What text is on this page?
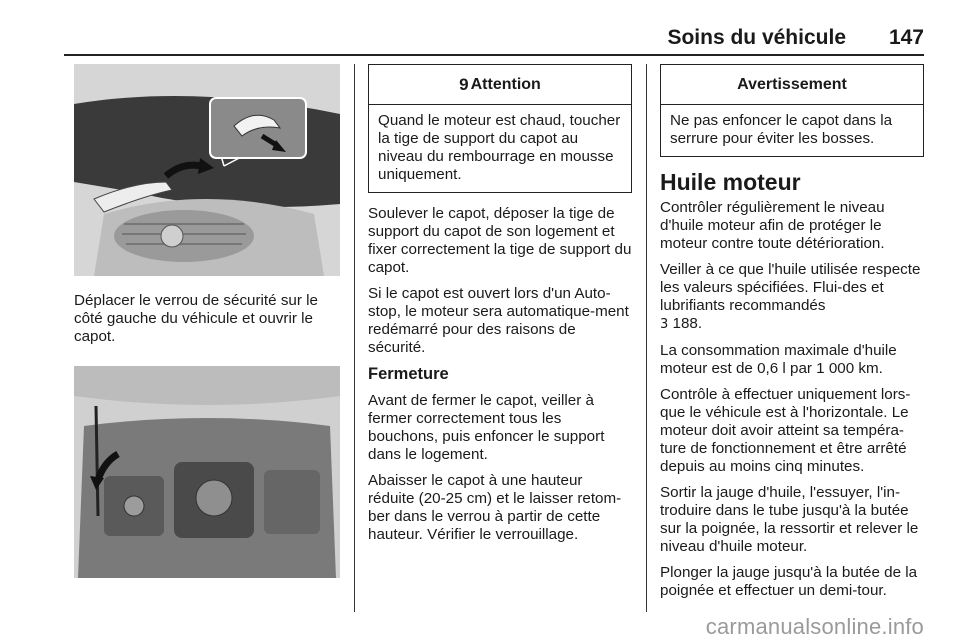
Soins du véhicule 147

Déplacer le verrou de sécurité sur le côté gauche du véhicule et ouvrir le capot.

9 Attention
Quand le moteur est chaud, toucher la tige de support du capot au niveau du rembourrage en mousse uniquement.

Soulever le capot, déposer la tige de support du capot de son logement et fixer correctement la tige de support du capot.

Si le capot est ouvert lors d'un Auto-stop, le moteur sera automatique-ment redémarré pour des raisons de sécurité.

Fermeture

Avant de fermer le capot, veiller à fermer correctement tous les bouchons, puis enfoncer le support dans le logement.

Abaisser le capot à une hauteur réduite (20-25 cm) et le laisser retom-ber dans le verrou à partir de cette hauteur. Vérifier le verrouillage.

Avertissement
Ne pas enfoncer le capot dans la serrure pour éviter les bosses.
Huile moteur

Contrôler régulièrement le niveau d'huile moteur afin de protéger le moteur contre toute détérioration.

Veiller à ce que l'huile utilisée respecte les valeurs spécifiées. Flui-des et lubrifiants recommandés
3 188.

La consommation maximale d'huile moteur est de 0,6 l par 1 000 km.

Contrôle à effectuer uniquement lors-que le véhicule est à l'horizontale. Le moteur doit avoir atteint sa tempéra-ture de fonctionnement et être arrêté depuis au moins cinq minutes.

Sortir la jauge d'huile, l'essuyer, l'in-troduire dans le tube jusqu'à la butée sur la poignée, la ressortir et relever le niveau d'huile moteur.

Plonger la jauge jusqu'à la butée de la poignée et effectuer un demi-tour.

carmanualsonline.info
